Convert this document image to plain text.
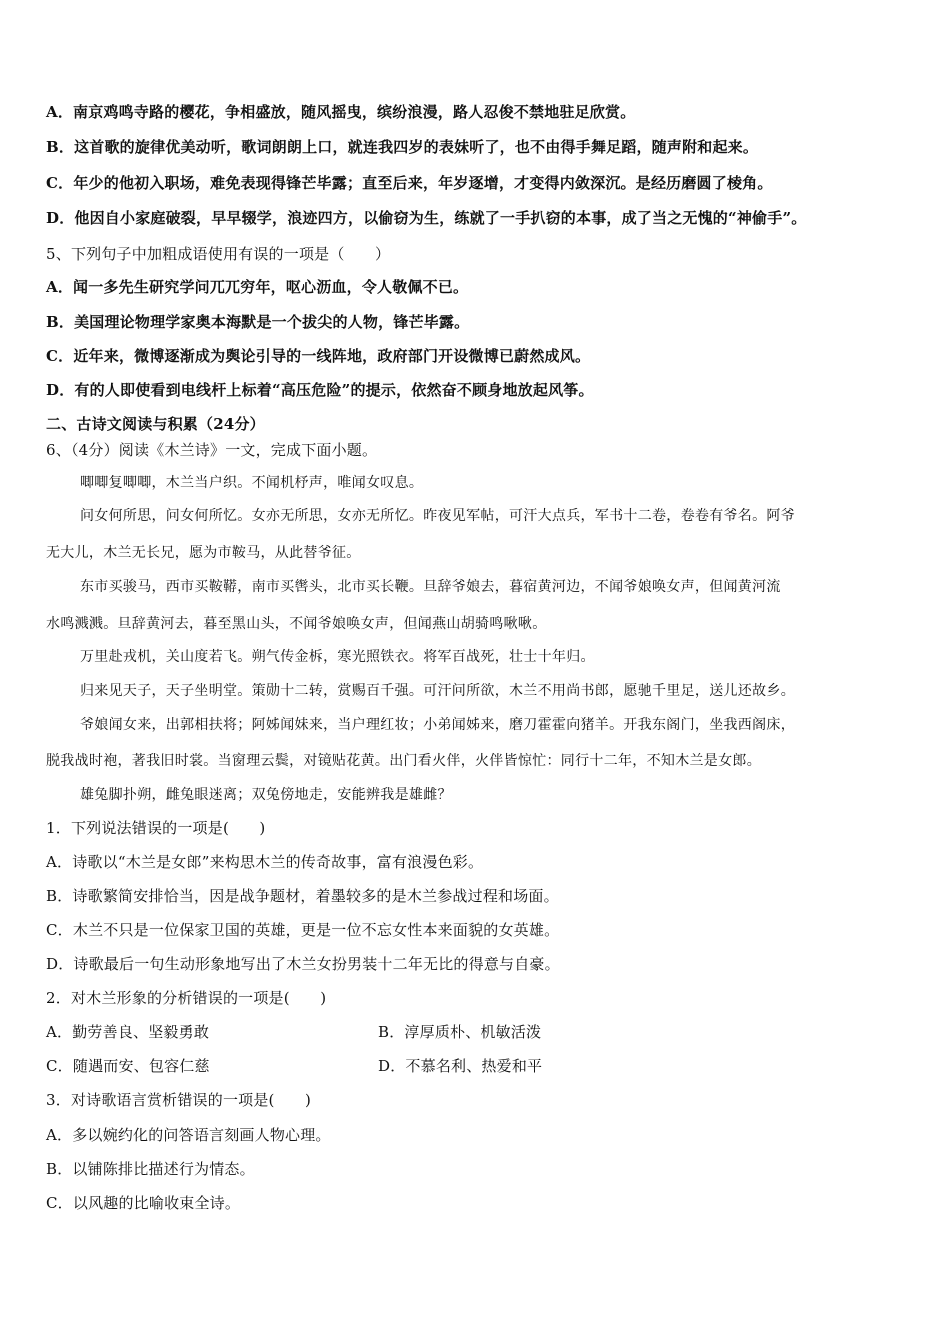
A．南京鸡鸣寺路的樱花，争相盛放，随风摇曳，缤纷浪漫，路人忍俊不禁地驻足欣赏。
B．这首歌的旋律优美动听，歌词朗朗上口，就连我四岁的表妹听了，也不由得手舞足蹈，随声附和起来。
C．年少的他初入职场，难免表现得锋芒毕露；直至后来，年岁逐增，才变得内敛深沉。是经历磨圆了棱角。
D．他因自小家庭破裂，早早辍学，浪迹四方，以偷窃为生，练就了一手扒窃的本事，成了当之无愧的“神偷手”。
5、下列句子中加粗成语使用有误的一项是（　　）
A．闻一多先生研究学问兀兀穷年，呕心沥血，令人敬佩不已。
B．美国理论物理学家奥本海默是一个拔尖的人物，锋芒毕露。
C．近年来，微博逐渐成为舆论引导的一线阵地，政府部门开设微博已蔚然成风。
D．有的人即使看到电线杆上标着“高压危险”的提示，依然奋不顾身地放起风筝。
二、古诗文阅读与积累（24分）
6、（4分）阅读《木兰诗》一文，完成下面小题。
唧唧复唧唧，木兰当户织。不闻机杼声，唯闻女叹息。
问女何所思，问女何所忆。女亦无所思，女亦无所忆。昨夜见军帖，可汗大点兵，军书十二卷，卷卷有爷名。阿爷
无大儿，木兰无长兄，愿为市鞍马，从此替爷征。
东市买骏马，西市买鞍鞯，南市买辔头，北市买长鞭。旦辞爷娘去，暮宿黄河边，不闻爷娘唤女声，但闻黄河流
水鸣溅溅。旦辞黄河去，暮至黑山头，不闻爷娘唤女声，但闻燕山胡骑鸣啾啾。
万里赴戎机，关山度若飞。朔气传金柝，寒光照铁衣。将军百战死，壮士十年归。
归来见天子，天子坐明堂。策勋十二转，赏赐百千强。可汗问所欲，木兰不用尚书郎，愿驰千里足，送儿还故乡。
爷娘闻女来，出郭相扶将；阿姊闻妹来，当户理红妆；小弟闻姊来，磨刀霍霍向猪羊。开我东阁门，坐我西阁床，
脱我战时袍，著我旧时裳。当窗理云鬓，对镜贴花黄。出门看火伴，火伴皆惊忙：同行十二年，不知木兰是女郎。
雄兔脚扑朔，雌兔眼迷离；双兔傍地走，安能辨我是雄雌？
1．下列说法错误的一项是(　　)
A．诗歌以“木兰是女郎”来构思木兰的传奇故事，富有浪漫色彩。
B．诗歌繁简安排恰当，因是战争题材，着墨较多的是木兰参战过程和场面。
C．木兰不只是一位保家卫国的英雄，更是一位不忘女性本来面貌的女英雄。
D．诗歌最后一句生动形象地写出了木兰女扮男装十二年无比的得意与自豪。
2．对木兰形象的分析错误的一项是(　　)
A．勤劳善良、坚毅勇敢	B．淳厚质朴、机敏活泼
C．随遇而安、包容仁慈	D．不慕名利、热爱和平
3．对诗歌语言赏析错误的一项是(　　)
A．多以婉约化的问答语言刻画人物心理。
B．以铺陈排比描述行为情态。
C．以风趣的比喻收束全诗。
